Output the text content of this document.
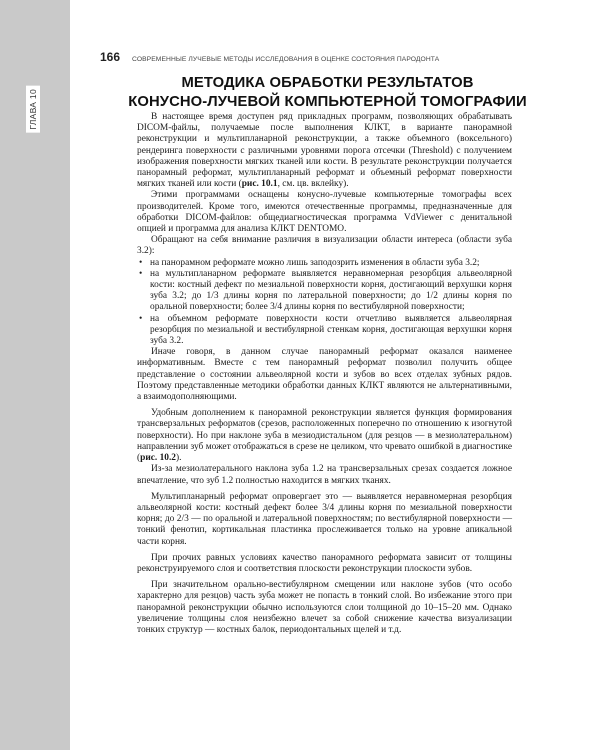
ГЛАВА 10
166 СОВРЕМЕННЫЕ ЛУЧЕВЫЕ МЕТОДЫ ИССЛЕДОВАНИЯ В ОЦЕНКЕ СОСТОЯНИЯ ПАРОДОНТА
МЕТОДИКА ОБРАБОТКИ РЕЗУЛЬТАТОВ
КОНУСНО-ЛУЧЕВОЙ КОМПЬЮТЕРНОЙ ТОМОГРАФИИ

В настоящее время доступен ряд прикладных программ, позволяющих обрабатывать DICOM-файлы, получаемые после выполнения КЛКТ, в варианте панорамной реконструкции и мультипланарной реконструкции, а также объемного (воксельного) рендеринга поверхности с различными уровнями порога отсечки (Threshold) с получением изображения поверхности мягких тканей или кости. В результате реконструкции получается панорамный реформат, мультипланарный реформат и объемный реформат поверхности мягких тканей или кости (рис. 10.1, см. цв. вклейку).

Этими программами оснащены конусно-лучевые компьютерные томографы всех производителей. Кроме того, имеются отечественные программы, предназначенные для обработки DICOM-файлов: общедиагностическая программа VdViewer с денитальной опцией и программа для анализа КЛКТ DENTOMO.

Обращают на себя внимание различия в визуализации области интереса (области зуба 3.2):

• на панорамном реформате можно лишь заподозрить изменения в области зуба 3.2;
• на мультипланарном реформате выявляется неравномерная резорбция альвеолярной кости: костный дефект по мезиальной поверхности корня, достигающий верхушки корня зуба 3.2; до 1/3 длины корня по латеральной поверхности; до 1/2 длины корня по оральной поверхности; более 3/4 длины корня по вестибулярной поверхности;
• на объемном реформате поверхности кости отчетливо выявляется альвеолярная резорбция по мезиальной и вестибулярной стенкам корня, достигающая верхушки корня зуба 3.2.

Иначе говоря, в данном случае панорамный реформат оказался наименее информативным. Вместе с тем панорамный реформат позволил получить общее представление о состоянии альвеолярной кости и зубов во всех отделах зубных рядов. Поэтому представленные методики обработки данных КЛКТ являются не альтернативными, а взаимодополняющими.

Удобным дополнением к панорамной реконструкции является функция формирования трансверзальных реформатов (срезов, расположенных поперечно по отношению к изогнутой поверхности). Но при наклоне зуба в мезиодистальном (для резцов — в мезиолатеральном) направлении зуб может отображаться в срезе не целиком, что чревато ошибкой в диагностике (рис. 10.2).

Из-за мезиолатерального наклона зуба 1.2 на трансверзальных срезах создается ложное впечатление, что зуб 1.2 полностью находится в мягких тканях.

Мультипланарный реформат опровергает это — выявляется неравномерная резорбция альвеолярной кости: костный дефект более 3/4 длины корня по мезиальной поверхности корня; до 2/3 — по оральной и латеральной поверхностям; по вестибулярной поверхности — тонкий фенотип, кортикальная пластинка прослеживается только на уровне апикальной части корня.

При прочих равных условиях качество панорамного реформата зависит от толщины реконструируемого слоя и соответствия плоскости реконструкции плоскости зубов.

При значительном орально-вестибулярном смещении или наклоне зубов (что особо характерно для резцов) часть зуба может не попасть в тонкий слой. Во избежание этого при панорамной реконструкции обычно используются слои толщиной до 10–15–20 мм. Однако увеличение толщины слоя неизбежно влечет за собой снижение качества визуализации тонких структур — костных балок, периодонтальных щелей и т.д.
